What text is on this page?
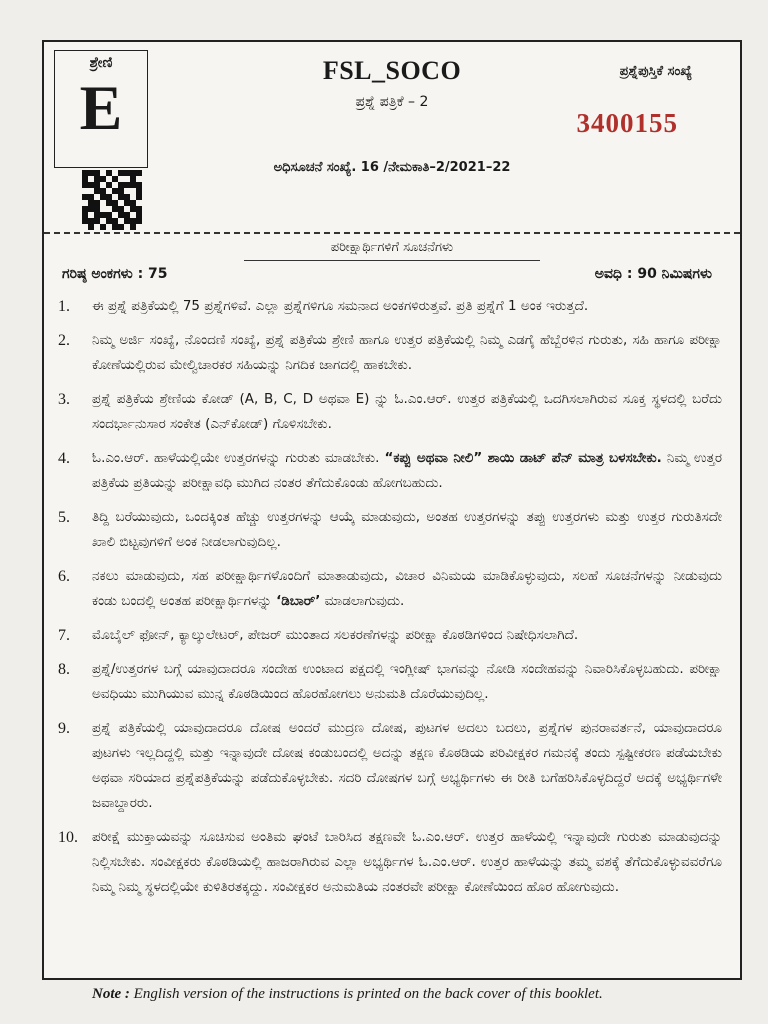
ಶ್ರೇಣಿ
E
FSL_SOCO
ಪ್ರಶ್ನೆ ಪತ್ರಿಕೆ – 2
ಪ್ರಶ್ನೆಪುಸ್ತಿಕೆ ಸಂಖ್ಯೆ
3400155
ಅಧಿಸೂಚನೆ ಸಂಖ್ಯೆ. 16 /ನೇಮಕಾತಿ–2/2021–22
ಪರೀಕ್ಷಾರ್ಥಿಗಳಿಗೆ ಸೂಚನೆಗಳು
ಗರಿಷ್ಠ ಅಂಕಗಳು : 75	ಅವಧಿ : 90 ನಿಮಿಷಗಳು
1.	ಈ ಪ್ರಶ್ನೆ ಪತ್ರಿಕೆಯಲ್ಲಿ 75 ಪ್ರಶ್ನೆಗಳಿವೆ. ಎಲ್ಲಾ ಪ್ರಶ್ನೆಗಳಿಗೂ ಸಮನಾದ ಅಂಕಗಳಿರುತ್ತವೆ. ಪ್ರತಿ ಪ್ರಶ್ನೆಗೆ 1 ಅಂಕ ಇರುತ್ತದೆ.
2.	ನಿಮ್ಮ ಅರ್ಜಿ ಸಂಖ್ಯೆ, ನೊಂದಣಿ ಸಂಖ್ಯೆ, ಪ್ರಶ್ನೆ ಪತ್ರಿಕೆಯ ಶ್ರೇಣಿ ಹಾಗೂ ಉತ್ತರ ಪತ್ರಿಕೆಯಲ್ಲಿ ನಿಮ್ಮ ಎಡಗೈ ಹೆಬ್ಬೆರಳಿನ ಗುರುತು, ಸಹಿ ಹಾಗೂ ಪರೀಕ್ಷಾ ಕೋಣೆಯಲ್ಲಿರುವ ಮೇಲ್ವಿಚಾರಕರ ಸಹಿಯನ್ನು ನಿಗದಿಕ ಜಾಗದಲ್ಲಿ ಹಾಕಬೇಕು.
3.	ಪ್ರಶ್ನೆ ಪತ್ರಿಕೆಯ ಶ್ರೇಣಿಯ ಕೋಡ್ (A, B, C, D ಅಥವಾ E) ನ್ನು ಓ.ಎಂ.ಆರ್. ಉತ್ತರ ಪತ್ರಿಕೆಯಲ್ಲಿ ಒದಗಿಸಲಾಗಿರುವ ಸೂಕ್ತ ಸ್ಥಳದಲ್ಲಿ ಬರೆದು ಸಂದರ್ಭಾನುಸಾರ ಸಂಕೇತ (ಎನ್‌ಕೋಡ್) ಗೊಳಿಸಬೇಕು.
4.	ಓ.ಎಂ.ಆರ್. ಹಾಳೆಯಲ್ಲಿಯೇ ಉತ್ತರಗಳನ್ನು ಗುರುತು ಮಾಡಬೇಕು. “ಕಪ್ಪು ಅಥವಾ ನೀಲಿ” ಶಾಯಿ ಡಾಟ್ ಪೆನ್ ಮಾತ್ರ ಬಳಸಬೇಕು. ನಿಮ್ಮ ಉತ್ತರ ಪತ್ರಿಕೆಯ ಪ್ರತಿಯನ್ನು ಪರೀಕ್ಷಾವಧಿ ಮುಗಿದ ನಂತರ ತೆಗೆದುಕೊಂಡು ಹೋಗಬಹುದು.
5.	ತಿದ್ದಿ ಬರೆಯುವುದು, ಒಂದಕ್ಕಿಂತ ಹೆಚ್ಚು ಉತ್ತರಗಳನ್ನು ಆಯ್ಕೆ ಮಾಡುವುದು, ಅಂತಹ ಉತ್ತರಗಳನ್ನು ತಪ್ಪು ಉತ್ತರಗಳು ಮತ್ತು ಉತ್ತರ ಗುರುತಿಸದೇ ಖಾಲಿ ಬಿಟ್ಟವುಗಳಿಗೆ ಅಂಕ ನೀಡಲಾಗುವುದಿಲ್ಲ.
6.	ನಕಲು ಮಾಡುವುದು, ಸಹ ಪರೀಕ್ಷಾರ್ಥಿಗಳೊಂದಿಗೆ ಮಾತಾಡುವುದು, ವಿಚಾರ ವಿನಿಮಯ ಮಾಡಿಕೊಳ್ಳುವುದು, ಸಲಹೆ ಸೂಚನೆಗಳನ್ನು ನೀಡುವುದು ಕಂಡು ಬಂದಲ್ಲಿ ಅಂತಹ ಪರೀಕ್ಷಾರ್ಥಿಗಳನ್ನು ‘ಡಿಬಾರ್’ ಮಾಡಲಾಗುವುದು.
7.	ಮೊಬೈಲ್ ಫೋನ್, ಕ್ಯಾಲ್ಕುಲೇಟರ್, ಪೇಜರ್ ಮುಂತಾದ ಸಲಕರಣೆಗಳನ್ನು ಪರೀಕ್ಷಾ ಕೊಠಡಿಗಳಿಂದ ನಿಷೇಧಿಸಲಾಗಿದೆ.
8.	ಪ್ರಶ್ನೆ/ಉತ್ತರಗಳ ಬಗ್ಗೆ ಯಾವುದಾದರೂ ಸಂದೇಹ ಉಂಟಾದ ಪಕ್ಷದಲ್ಲಿ ಇಂಗ್ಲೀಷ್ ಭಾಗವನ್ನು ನೋಡಿ ಸಂದೇಹವನ್ನು ನಿವಾರಿಸಿಕೊಳ್ಳಬಹುದು. ಪರೀಕ್ಷಾ ಅವಧಿಯು ಮುಗಿಯುವ ಮುನ್ನ ಕೊಠಡಿಯಿಂದ ಹೊರಹೋಗಲು ಅನುಮತಿ ದೊರೆಯುವುದಿಲ್ಲ.
9.	ಪ್ರಶ್ನೆ ಪತ್ರಿಕೆಯಲ್ಲಿ ಯಾವುದಾದರೂ ದೋಷ ಅಂದರೆ ಮುದ್ರಣ ದೋಷ, ಪುಟಗಳ ಅದಲು ಬದಲು, ಪ್ರಶ್ನೆಗಳ ಪುನರಾವರ್ತನೆ, ಯಾವುದಾದರೂ ಪುಟಗಳು ಇಲ್ಲದಿದ್ದಲ್ಲಿ ಮತ್ತು ಇನ್ನಾವುದೇ ದೋಷ ಕಂಡುಬಂದಲ್ಲಿ ಅದನ್ನು ತಕ್ಷಣ ಕೊಠಡಿಯ ಪರಿವೀಕ್ಷಕರ ಗಮನಕ್ಕೆ ತಂದು ಸ್ಪಷ್ಟೀಕರಣ ಪಡೆಯಬೇಕು ಅಥವಾ ಸರಿಯಾದ ಪ್ರಶ್ನೆಪತ್ರಿಕೆಯನ್ನು ಪಡೆದುಕೊಳ್ಳಬೇಕು. ಸದರಿ ದೋಷಗಳ ಬಗ್ಗೆ ಅಭ್ಯರ್ಥಿಗಳು ಈ ರೀತಿ ಬಗೆಹರಿಸಿಕೊಳ್ಳದಿದ್ದರೆ ಅದಕ್ಕೆ ಅಭ್ಯರ್ಥಿಗಳೇ ಜವಾಬ್ದಾರರು.
10.	ಪರೀಕ್ಷೆ ಮುಕ್ತಾಯವನ್ನು ಸೂಚಿಸುವ ಅಂತಿಮ ಘಂಟೆ ಬಾರಿಸಿದ ತಕ್ಷಣವೇ ಓ.ಎಂ.ಆರ್. ಉತ್ತರ ಹಾಳೆಯಲ್ಲಿ ಇನ್ನಾವುದೇ ಗುರುತು ಮಾಡುವುದನ್ನು ನಿಲ್ಲಿಸಬೇಕು. ಸಂವೀಕ್ಷಕರು ಕೊಠಡಿಯಲ್ಲಿ ಹಾಜರಾಗಿರುವ ಎಲ್ಲಾ ಅಭ್ಯರ್ಥಿಗಳ ಓ.ಎಂ.ಆರ್. ಉತ್ತರ ಹಾಳೆಯನ್ನು ತಮ್ಮ ವಶಕ್ಕೆ ತೆಗೆದುಕೊಳ್ಳುವವರೆಗೂ ನಿಮ್ಮ ನಿಮ್ಮ ಸ್ಥಳದಲ್ಲಿಯೇ ಕುಳಿತಿರತಕ್ಕದ್ದು. ಸಂವೀಕ್ಷಕರ ಅನುಮತಿಯ ನಂತರವೇ ಪರೀಕ್ಷಾ ಕೋಣೆಯಿಂದ ಹೊರ ಹೋಗುವುದು.
Note : English version of the instructions is printed on the back cover of this booklet.
